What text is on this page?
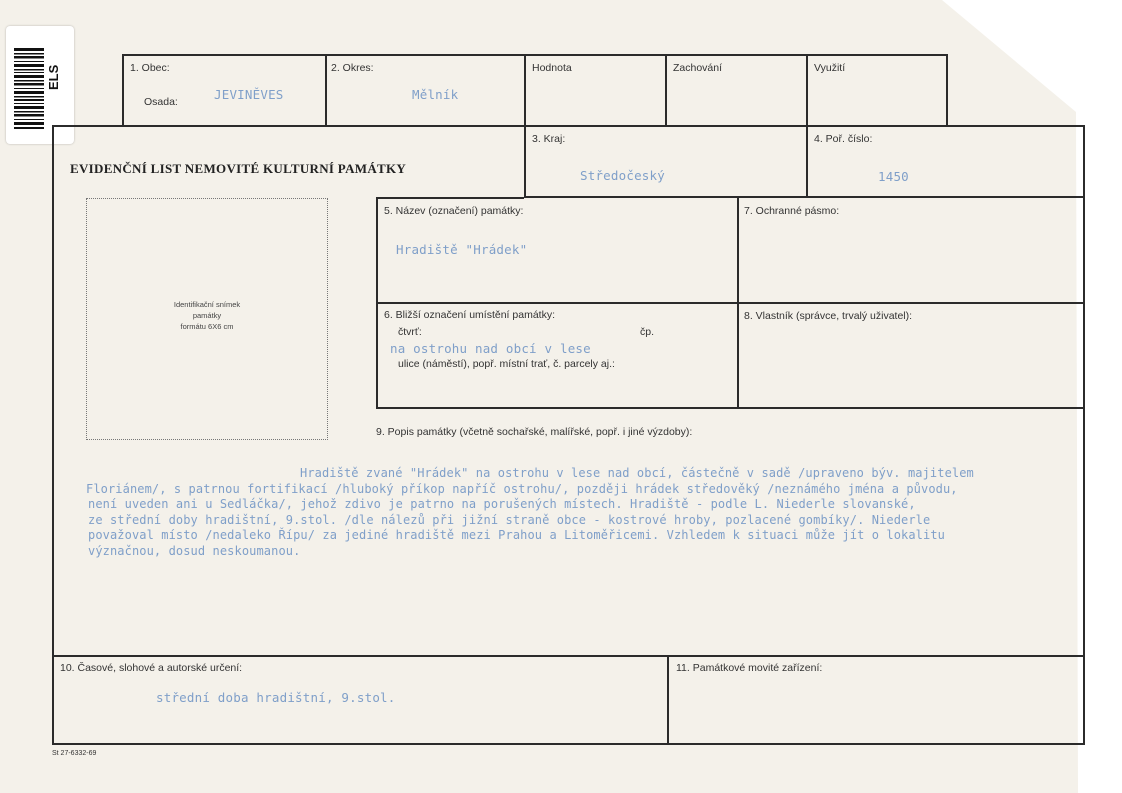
ELS	1. Obec:
Osada:	JEVINĚVES
2. Okres:
Mělník
Hodnota	Zachování	Využití
EVIDENČNÍ LIST NEMOVITÉ KULTURNÍ PAMÁTKY
3. Kraj:
Středočeský
4. Poř. číslo:
1450
Identifikační snímek
památky
formátu 6X6 cm
5. Název (označení) památky:
Hradiště "Hrádek"
7. Ochranné pásmo:
6. Bližší označení umístění památky:
čtvrť:	čp.
na ostrohu nad obcí v lese
ulice (náměstí), popř. místní trať, č. parcely aj.:
8. Vlastník (správce, trvalý uživatel):
9. Popis památky (včetně sochařské, malířské, popř. i jiné výzdoby):
Hradiště zvané "Hrádek" na ostrohu v lese nad obcí, částečně v sadě /upraveno býv. majitelem
Floriánem/, s patrnou fortifikací /hluboký příkop napříč ostrohu/, později hrádek středověký /neznámého jména a původu,
není uveden ani u Sedláčka/, jehož zdivo je patrno na porušených místech. Hradiště - podle L. Niederle slovanské,
ze střední doby hradištní, 9.stol. /dle nálezů při jižní straně obce - kostrové hroby, pozlacené gombíky/. Niederle
považoval místo /nedaleko Řípu/ za jediné hradiště mezi Prahou a Litoměřicemi. Vzhledem k situaci může jít o lokalitu
význačnou, dosud neskoumanou.
10. Časové, slohové a autorské určení:
střední doba hradištní, 9.stol.
11. Památkové movité zařízení:
St 27-6332-69
